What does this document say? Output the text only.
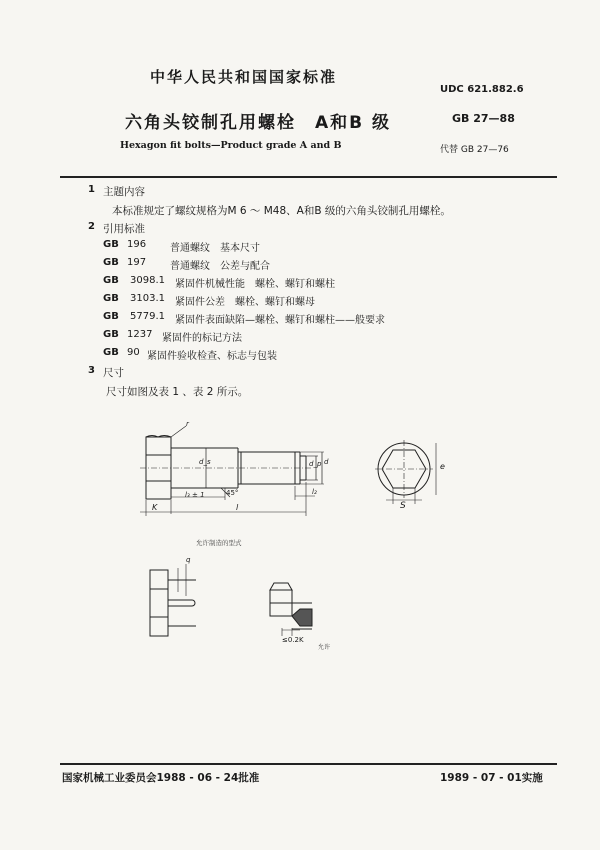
中华人民共和国国家标准
UDC 621.882.6
六角头铰制孔用螺栓　A和B 级	GB 27—88
Hexagon fit bolts—Product grade A and B	代替 GB 27—76
1 主题内容
本标准规定了螺纹规格为M 6 ～ M48、A和B 级的六角头铰制孔用螺栓。
2 引用标准
GB 196 普通螺纹　基本尺寸
GB 197 普通螺纹　公差与配合
GB 3098.1 紧固件机械性能　螺栓、螺钉和螺柱
GB 3103.1 紧固件公差　螺栓、螺钉和螺母
GB 5779.1 紧固件表面缺陷—螺栓、螺钉和螺柱——般要求
GB 1237 紧固件的标记方法
GB 90 紧固件验收检查、标志与包装
3 尺寸
尺寸如图及表 1 、表 2 所示。
r
d_s	d_p d
l₃ ± 1	45°	l₂
K	l
e
S
q
≤0.2K
允许制造的型式
允许
国家机械工业委员会1988 - 06 - 24批准	1989 - 07 - 01实施
